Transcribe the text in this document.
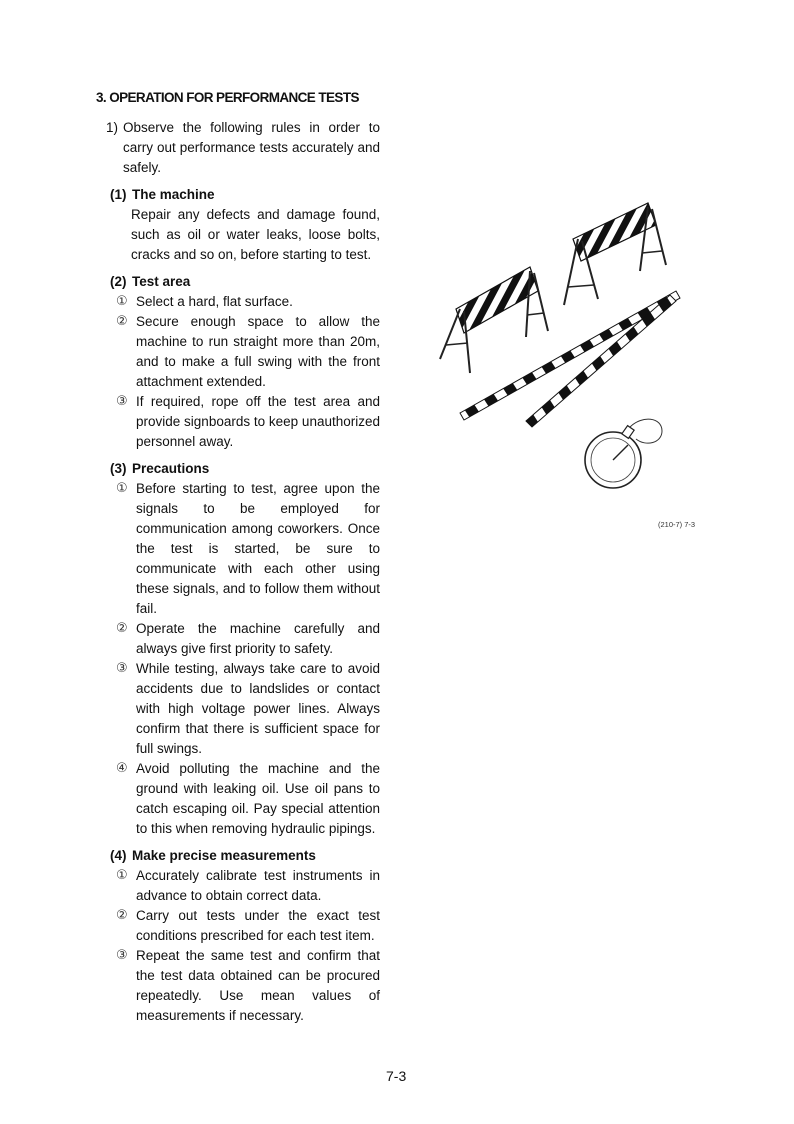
3. OPERATION FOR PERFORMANCE TESTS
1) Observe the following rules in order to carry out performance tests accurately and safely.
(1) The machine
Repair any defects and damage found, such as oil or water leaks, loose bolts, cracks and so on, before starting to test.
(2) Test area
① Select a hard, flat surface.
② Secure enough space to allow the machine to run straight more than 20m, and to make a full swing with the front attachment extended.
③ If required, rope off the test area and provide signboards to keep unauthorized personnel away.
(3) Precautions
① Before starting to test, agree upon the signals to be employed for communication among coworkers. Once the test is started, be sure to communicate with each other using these signals, and to follow them without fail.
② Operate the machine carefully and always give first priority to safety.
③ While testing, always take care to avoid accidents due to landslides or contact with high voltage power lines. Always confirm that there is sufficient space for full swings.
④ Avoid polluting the machine and the ground with leaking oil. Use oil pans to catch escaping oil. Pay special attention to this when removing hydraulic pipings.
(4) Make precise measurements
① Accurately calibrate test instruments in advance to obtain correct data.
② Carry out tests under the exact test conditions prescribed for each test item.
③ Repeat the same test and confirm that the test data obtained can be procured repeatedly. Use mean values of measurements if necessary.
(210-7) 7-3
7-3
